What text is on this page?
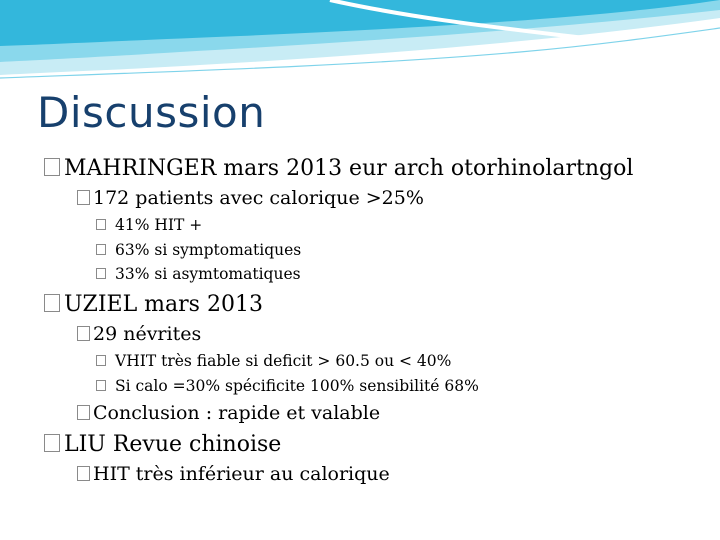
Discussion
MAHRINGER mars 2013 eur arch otorhinolartngol
172 patients avec calorique >25%
41% HIT +
63% si symptomatiques
33% si asymtomatiques
UZIEL mars 2013
29 névrites
VHIT très fiable si deficit > 60.5 ou < 40%
Si calo =30% spécificite 100% sensibilité 68%
Conclusion : rapide et valable
LIU Revue chinoise
HIT très inférieur au calorique
